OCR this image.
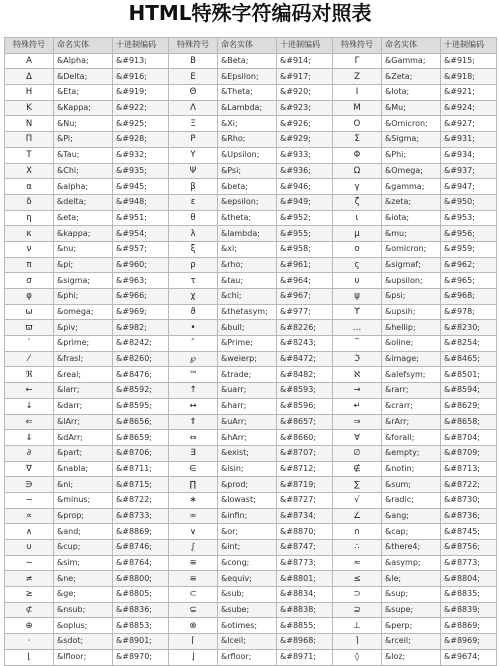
HTML特殊字符编码对照表
特殊符号	命名实体	十进制编码	特殊符号	命名实体	十进制编码	特殊符号	命名实体	十进制编码
Α	&Alpha;	&#913;	Β	&Beta;	&#914;	Γ	&Gamma;	&#915;
Δ	&Delta;	&#916;	Ε	&Epsilon;	&#917;	Ζ	&Zeta;	&#918;
Η	&Eta;	&#919;	Θ	&Theta;	&#920;	Ι	&Iota;	&#921;
Κ	&Kappa;	&#922;	Λ	&Lambda;	&#923;	Μ	&Mu;	&#924;
Ν	&Nu;	&#925;	Ξ	&Xi;	&#926;	Ο	&Omicron;	&#927;
Π	&Pi;	&#928;	Ρ	&Rho;	&#929;	Σ	&Sigma;	&#931;
Τ	&Tau;	&#932;	Υ	&Upsilon;	&#933;	Φ	&Phi;	&#934;
Χ	&Chi;	&#935;	Ψ	&Psi;	&#936;	Ω	&Omega;	&#937;
α	&alpha;	&#945;	β	&beta;	&#946;	γ	&gamma;	&#947;
δ	&delta;	&#948;	ε	&epsilon;	&#949;	ζ	&zeta;	&#950;
η	&eta;	&#951;	θ	&theta;	&#952;	ι	&iota;	&#953;
κ	&kappa;	&#954;	λ	&lambda;	&#955;	μ	&mu;	&#956;
ν	&nu;	&#957;	ξ	&xi;	&#958;	ο	&omicron;	&#959;
π	&pi;	&#960;	ρ	&rho;	&#961;	ς	&sigmaf;	&#962;
σ	&sigma;	&#963;	τ	&tau;	&#964;	υ	&upsilon;	&#965;
φ	&phi;	&#966;	χ	&chi;	&#967;	ψ	&psi;	&#968;
ω	&omega;	&#969;	ϑ	&thetasym;	&#977;	ϒ	&upsih;	&#978;
ϖ	&piv;	&#982;	•	&bull;	&#8226;	…	&hellip;	&#8230;
′	&prime;	&#8242;	″	&Prime;	&#8243;	‾	&oline;	&#8254;
⁄	&frasl;	&#8260;	℘	&weierp;	&#8472;	ℑ	&image;	&#8465;
ℜ	&real;	&#8476;	™	&trade;	&#8482;	ℵ	&alefsym;	&#8501;
←	&larr;	&#8592;	↑	&uarr;	&#8593;	→	&rarr;	&#8594;
↓	&darr;	&#8595;	↔	&harr;	&#8596;	↵	&crarr;	&#8629;
⇐	&lArr;	&#8656;	⇑	&uArr;	&#8657;	⇒	&rArr;	&#8658;
⇓	&dArr;	&#8659;	⇔	&hArr;	&#8660;	∀	&forall;	&#8704;
∂	&part;	&#8706;	∃	&exist;	&#8707;	∅	&empty;	&#8709;
∇	&nabla;	&#8711;	∈	&isin;	&#8712;	∉	&notin;	&#8713;
∋	&ni;	&#8715;	∏	&prod;	&#8719;	∑	&sum;	&#8722;
−	&minus;	&#8722;	∗	&lowast;	&#8727;	√	&radic;	&#8730;
∝	&prop;	&#8733;	∞	&infin;	&#8734;	∠	&ang;	&#8736;
∧	&and;	&#8869;	∨	&or;	&#8870;	∩	&cap;	&#8745;
∪	&cup;	&#8746;	∫	&int;	&#8747;	∴	&there4;	&#8756;
∼	&sim;	&#8764;	≅	&cong;	&#8773;	≈	&asymp;	&#8773;
≠	&ne;	&#8800;	≡	&equiv;	&#8801;	≤	&le;	&#8804;
≥	&ge;	&#8805;	⊂	&sub;	&#8834;	⊃	&sup;	&#8835;
⊄	&nsub;	&#8836;	⊆	&sube;	&#8838;	⊇	&supe;	&#8839;
⊕	&oplus;	&#8853;	⊗	&otimes;	&#8855;	⊥	&perp;	&#8869;
⋅	&sdot;	&#8901;	⌈	&lceil;	&#8968;	⌉	&rceil;	&#8969;
⌊	&lfloor;	&#8970;	⌋	&rfloor;	&#8971;	◊	&loz;	&#9674;
